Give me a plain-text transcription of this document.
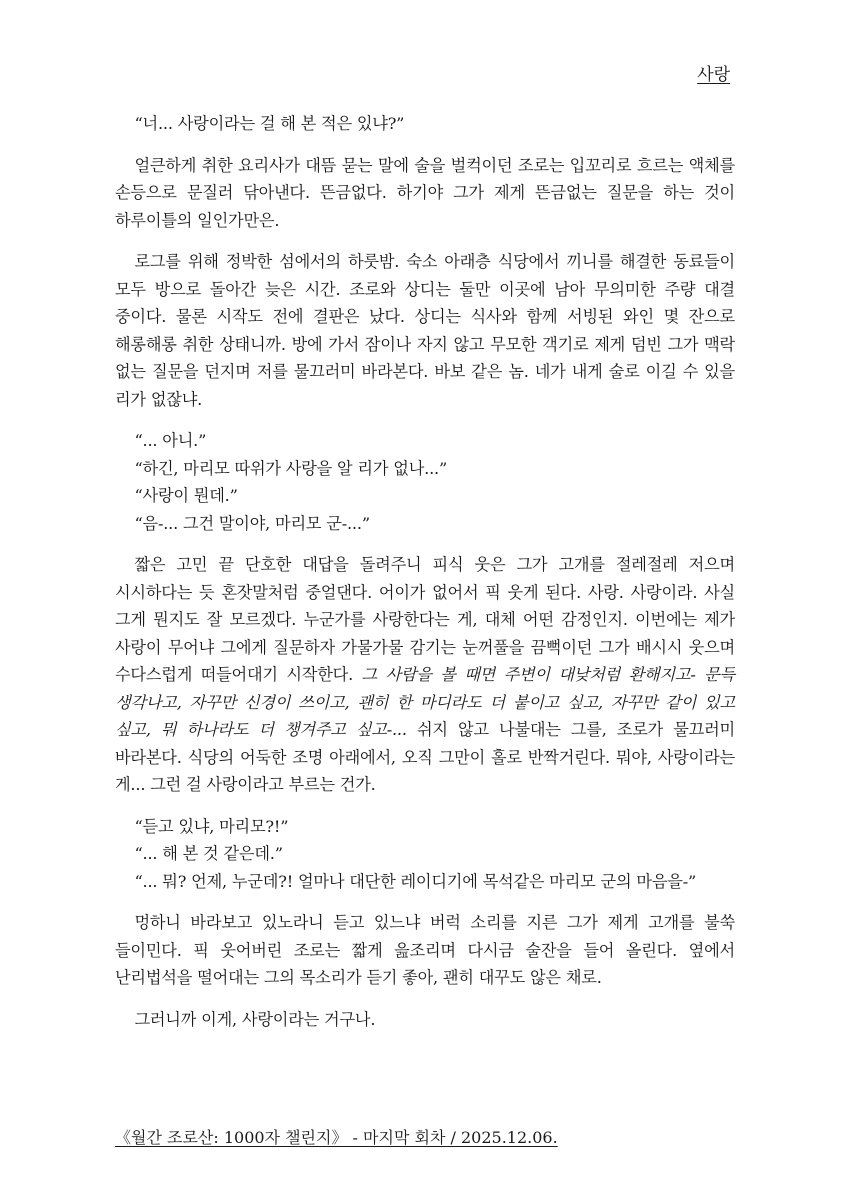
사랑

“너... 사랑이라는 걸 해 본 적은 있냐?”

얼큰하게 취한 요리사가 대뜸 묻는 말에 술을 벌컥이던 조로는 입꼬리로 흐르는 액체를 손등으로 문질러 닦아낸다. 뜬금없다. 하기야 그가 제게 뜬금없는 질문을 하는 것이 하루이틀의 일인가만은.

로그를 위해 정박한 섬에서의 하룻밤. 숙소 아래층 식당에서 끼니를 해결한 동료들이 모두 방으로 돌아간 늦은 시간. 조로와 상디는 둘만 이곳에 남아 무의미한 주량 대결 중이다. 물론 시작도 전에 결판은 났다. 상디는 식사와 함께 서빙된 와인 몇 잔으로 해롱해롱 취한 상태니까. 방에 가서 잠이나 자지 않고 무모한 객기로 제게 덤빈 그가 맥락 없는 질문을 던지며 저를 물끄러미 바라본다. 바보 같은 놈. 네가 내게 술로 이길 수 있을 리가 없잖냐.

“... 아니.”
“하긴, 마리모 따위가 사랑을 알 리가 없나...”
“사랑이 뭔데.”
“음-... 그건 말이야, 마리모 군-...”

짧은 고민 끝 단호한 대답을 돌려주니 피식 웃은 그가 고개를 절레절레 저으며 시시하다는 듯 혼잣말처럼 중얼댄다. 어이가 없어서 픽 웃게 된다. 사랑. 사랑이라. 사실 그게 뭔지도 잘 모르겠다. 누군가를 사랑한다는 게, 대체 어떤 감정인지. 이번에는 제가 사랑이 무어냐 그에게 질문하자 가물가물 감기는 눈꺼풀을 끔뻑이던 그가 배시시 웃으며 수다스럽게 떠들어대기 시작한다. 그 사람을 볼 때면 주변이 대낮처럼 환해지고- 문득 생각나고, 자꾸만 신경이 쓰이고, 괜히 한 마디라도 더 붙이고 싶고, 자꾸만 같이 있고 싶고, 뭐 하나라도 더 챙겨주고 싶고-... 쉬지 않고 나불대는 그를, 조로가 물끄러미 바라본다. 식당의 어둑한 조명 아래에서, 오직 그만이 홀로 반짝거린다. 뭐야, 사랑이라는 게... 그런 걸 사랑이라고 부르는 건가.

“듣고 있냐, 마리모?!”
“... 해 본 것 같은데.”
“... 뭐? 언제, 누군데?! 얼마나 대단한 레이디기에 목석같은 마리모 군의 마음을-”

멍하니 바라보고 있노라니 듣고 있느냐 버럭 소리를 지른 그가 제게 고개를 불쑥 들이민다. 픽 웃어버린 조로는 짧게 읊조리며 다시금 술잔을 들어 올린다. 옆에서 난리법석을 떨어대는 그의 목소리가 듣기 좋아, 괜히 대꾸도 않은 채로.

그러니까 이게, 사랑이라는 거구나.

《월간 조로산: 1000자 챌린지》 - 마지막 회차 / 2025.12.06.
